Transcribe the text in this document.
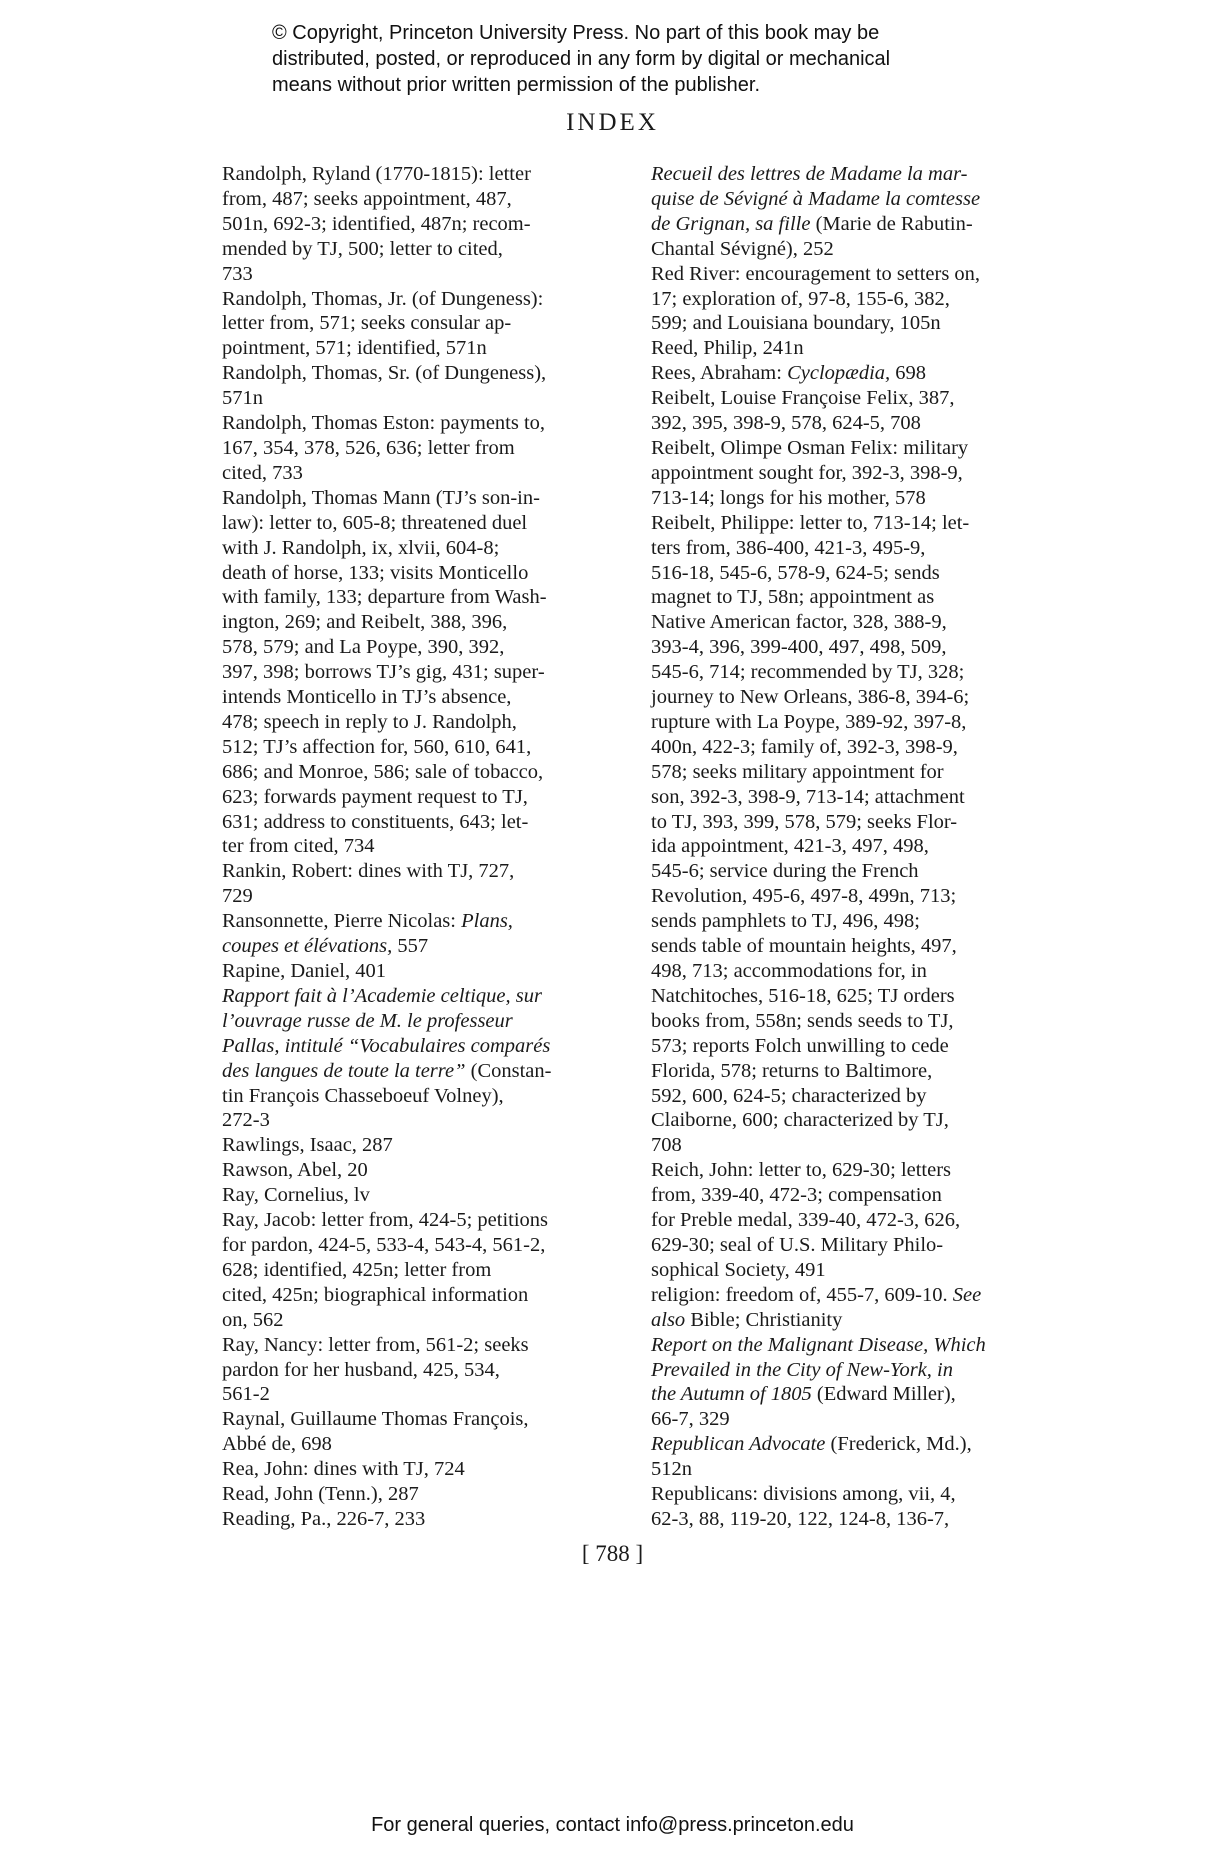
© Copyright, Princeton University Press. No part of this book may be
distributed, posted, or reproduced in any form by digital or mechanical
means without prior written permission of the publisher.
INDEX
Randolph, Ryland (1770-1815): letter
from, 487; seeks appointment, 487,
501n, 692-3; identified, 487n; recom-
mended by TJ, 500; letter to cited,
733
Randolph, Thomas, Jr. (of Dungeness):
letter from, 571; seeks consular ap-
pointment, 571; identified, 571n
Randolph, Thomas, Sr. (of Dungeness),
571n
Randolph, Thomas Eston: payments to,
167, 354, 378, 526, 636; letter from
cited, 733
Randolph, Thomas Mann (TJ’s son-in-
law): letter to, 605-8; threatened duel
with J. Randolph, ix, xlvii, 604-8;
death of horse, 133; visits Monticello
with family, 133; departure from Wash-
ington, 269; and Reibelt, 388, 396,
578, 579; and La Poype, 390, 392,
397, 398; borrows TJ’s gig, 431; super-
intends Monticello in TJ’s absence,
478; speech in reply to J. Randolph,
512; TJ’s affection for, 560, 610, 641,
686; and Monroe, 586; sale of tobacco,
623; forwards payment request to TJ,
631; address to constituents, 643; let-
ter from cited, 734
Rankin, Robert: dines with TJ, 727,
729
Ransonnette, Pierre Nicolas: Plans,
coupes et élévations, 557
Rapine, Daniel, 401
Rapport fait à l’Academie celtique, sur
l’ouvrage russe de M. le professeur
Pallas, intitulé “Vocabulaires comparés
des langues de toute la terre” (Constan-
tin François Chasseboeuf Volney),
272-3
Rawlings, Isaac, 287
Rawson, Abel, 20
Ray, Cornelius, lv
Ray, Jacob: letter from, 424-5; petitions
for pardon, 424-5, 533-4, 543-4, 561-2,
628; identified, 425n; letter from
cited, 425n; biographical information
on, 562
Ray, Nancy: letter from, 561-2; seeks
pardon for her husband, 425, 534,
561-2
Raynal, Guillaume Thomas François,
Abbé de, 698
Rea, John: dines with TJ, 724
Read, John (Tenn.), 287
Reading, Pa., 226-7, 233
Recueil des lettres de Madame la mar-
quise de Sévigné à Madame la comtesse
de Grignan, sa fille (Marie de Rabutin-
Chantal Sévigné), 252
Red River: encouragement to setters on,
17; exploration of, 97-8, 155-6, 382,
599; and Louisiana boundary, 105n
Reed, Philip, 241n
Rees, Abraham: Cyclopædia, 698
Reibelt, Louise Françoise Felix, 387,
392, 395, 398-9, 578, 624-5, 708
Reibelt, Olimpe Osman Felix: military
appointment sought for, 392-3, 398-9,
713-14; longs for his mother, 578
Reibelt, Philippe: letter to, 713-14; let-
ters from, 386-400, 421-3, 495-9,
516-18, 545-6, 578-9, 624-5; sends
magnet to TJ, 58n; appointment as
Native American factor, 328, 388-9,
393-4, 396, 399-400, 497, 498, 509,
545-6, 714; recommended by TJ, 328;
journey to New Orleans, 386-8, 394-6;
rupture with La Poype, 389-92, 397-8,
400n, 422-3; family of, 392-3, 398-9,
578; seeks military appointment for
son, 392-3, 398-9, 713-14; attachment
to TJ, 393, 399, 578, 579; seeks Flor-
ida appointment, 421-3, 497, 498,
545-6; service during the French
Revolution, 495-6, 497-8, 499n, 713;
sends pamphlets to TJ, 496, 498;
sends table of mountain heights, 497,
498, 713; accommodations for, in
Natchitoches, 516-18, 625; TJ orders
books from, 558n; sends seeds to TJ,
573; reports Folch unwilling to cede
Florida, 578; returns to Baltimore,
592, 600, 624-5; characterized by
Claiborne, 600; characterized by TJ,
708
Reich, John: letter to, 629-30; letters
from, 339-40, 472-3; compensation
for Preble medal, 339-40, 472-3, 626,
629-30; seal of U.S. Military Philo-
sophical Society, 491
religion: freedom of, 455-7, 609-10. See
also Bible; Christianity
Report on the Malignant Disease, Which
Prevailed in the City of New-York, in
the Autumn of 1805 (Edward Miller),
66-7, 329
Republican Advocate (Frederick, Md.),
512n
Republicans: divisions among, vii, 4,
62-3, 88, 119-20, 122, 124-8, 136-7,
[ 788 ]
For general queries, contact info@press.princeton.edu
